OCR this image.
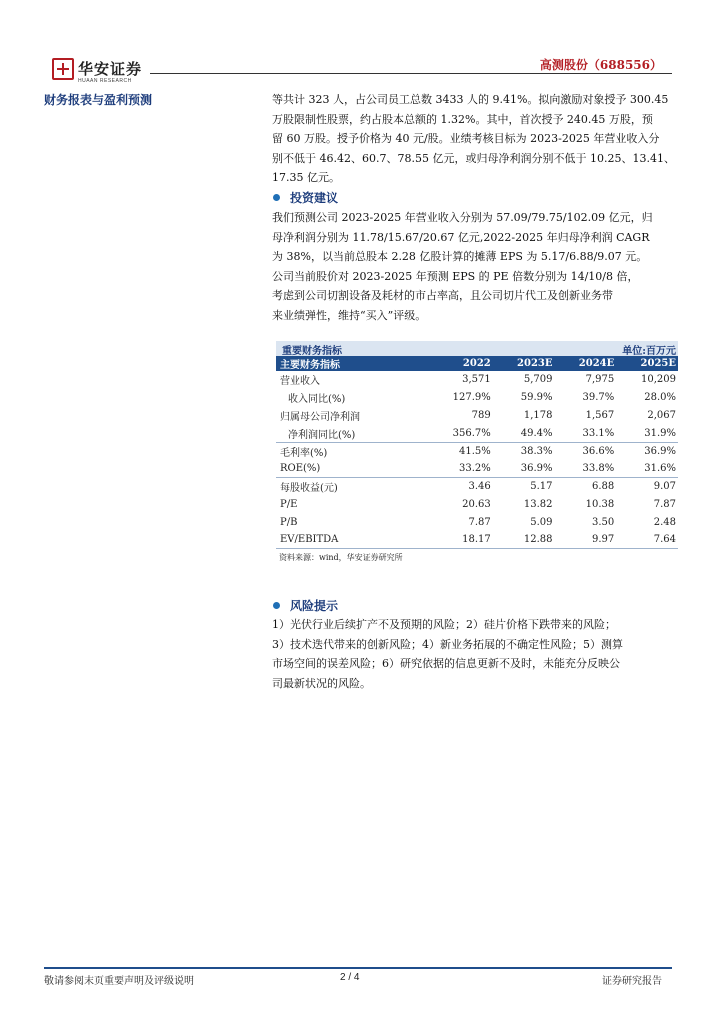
华安证券
HUAAN RESEARCH
高测股份（688556）
财务报表与盈利预测	等共计 323 人，占公司员工总数 3433 人的 9.41%。拟向激励对象授予 300.45
万股限制性股票，约占股本总额的 1.32%。其中，首次授予 240.45 万股，预
留 60 万股。授予价格为 40 元/股。业绩考核目标为 2023-2025 年营业收入分
别不低于 46.42、60.7、78.55 亿元，或归母净利润分别不低于 10.25、13.41、
17.35 亿元。
投资建议
我们预测公司 2023-2025 年营业收入分别为 57.09/79.75/102.09 亿元，归
母净利润分别为 11.78/15.67/20.67 亿元,2022-2025 年归母净利润 CAGR
为 38%，以当前总股本 2.28 亿股计算的摊薄 EPS 为 5.17/6.88/9.07 元。
公司当前股价对 2023-2025 年预测 EPS 的 PE 倍数分别为 14/10/8 倍，
考虑到公司切割设备及耗材的市占率高，且公司切片代工及创新业务带
来业绩弹性，维持“买入”评级。
重要财务指标	单位:百万元
主要财务指标	2022	2023E	2024E	2025E
营业收入	3,571	5,709	7,975	10,209
收入同比(%)	127.9%	59.9%	39.7%	28.0%
归属母公司净利润	789	1,178	1,567	2,067
净利润同比(%)	356.7%	49.4%	33.1%	31.9%
毛利率(%)	41.5%	38.3%	36.6%	36.9%
ROE(%)	33.2%	36.9%	33.8%	31.6%
每股收益(元)	3.46	5.17	6.88	9.07
P/E	20.63	13.82	10.38	7.87
P/B	7.87	5.09	3.50	2.48
EV/EBITDA	18.17	12.88	9.97	7.64
资料来源：wind，华安证券研究所
风险提示
1）光伏行业后续扩产不及预期的风险；2）硅片价格下跌带来的风险；
3）技术迭代带来的创新风险；4）新业务拓展的不确定性风险；5）测算
市场空间的误差风险；6）研究依据的信息更新不及时，未能充分反映公
司最新状况的风险。
敬请参阅末页重要声明及评级说明	2 / 4	证券研究报告
